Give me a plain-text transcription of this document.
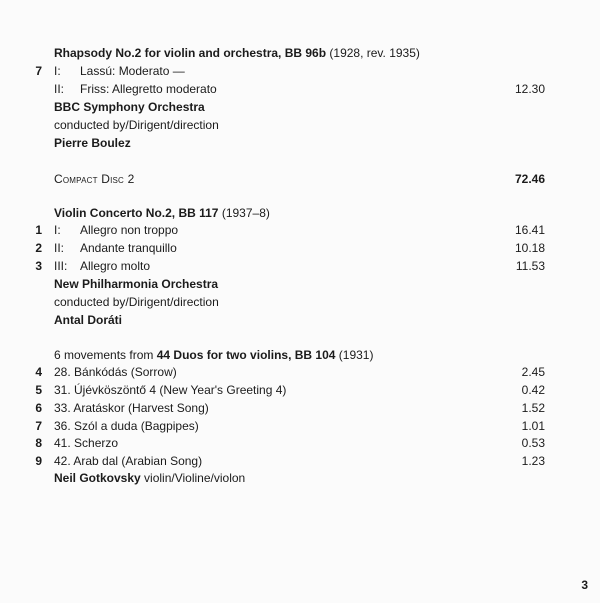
Rhapsody No.2 for violin and orchestra, BB 96b (1928, rev. 1935)
7 I: Lassú: Moderato —
II: Friss: Allegretto moderato	12.30
BBC Symphony Orchestra
conducted by/Dirigent/direction
Pierre Boulez
Compact Disc 2	72.46
Violin Concerto No.2, BB 117 (1937–8)
1 I: Allegro non troppo	16.41
2 II: Andante tranquillo	10.18
3 III: Allegro molto	11.53
New Philharmonia Orchestra
conducted by/Dirigent/direction
Antal Doráti
6 movements from 44 Duos for two violins, BB 104 (1931)
4 28. Bánkódás (Sorrow)	2.45
5 31. Újévköszöntő 4 (New Year's Greeting 4)	0.42
6 33. Aratáskor (Harvest Song)	1.52
7 36. Szól a duda (Bagpipes)	1.01
8 41. Scherzo	0.53
9 42. Arab dal (Arabian Song)	1.23
Neil Gotkovsky violin/Violine/violon
3
